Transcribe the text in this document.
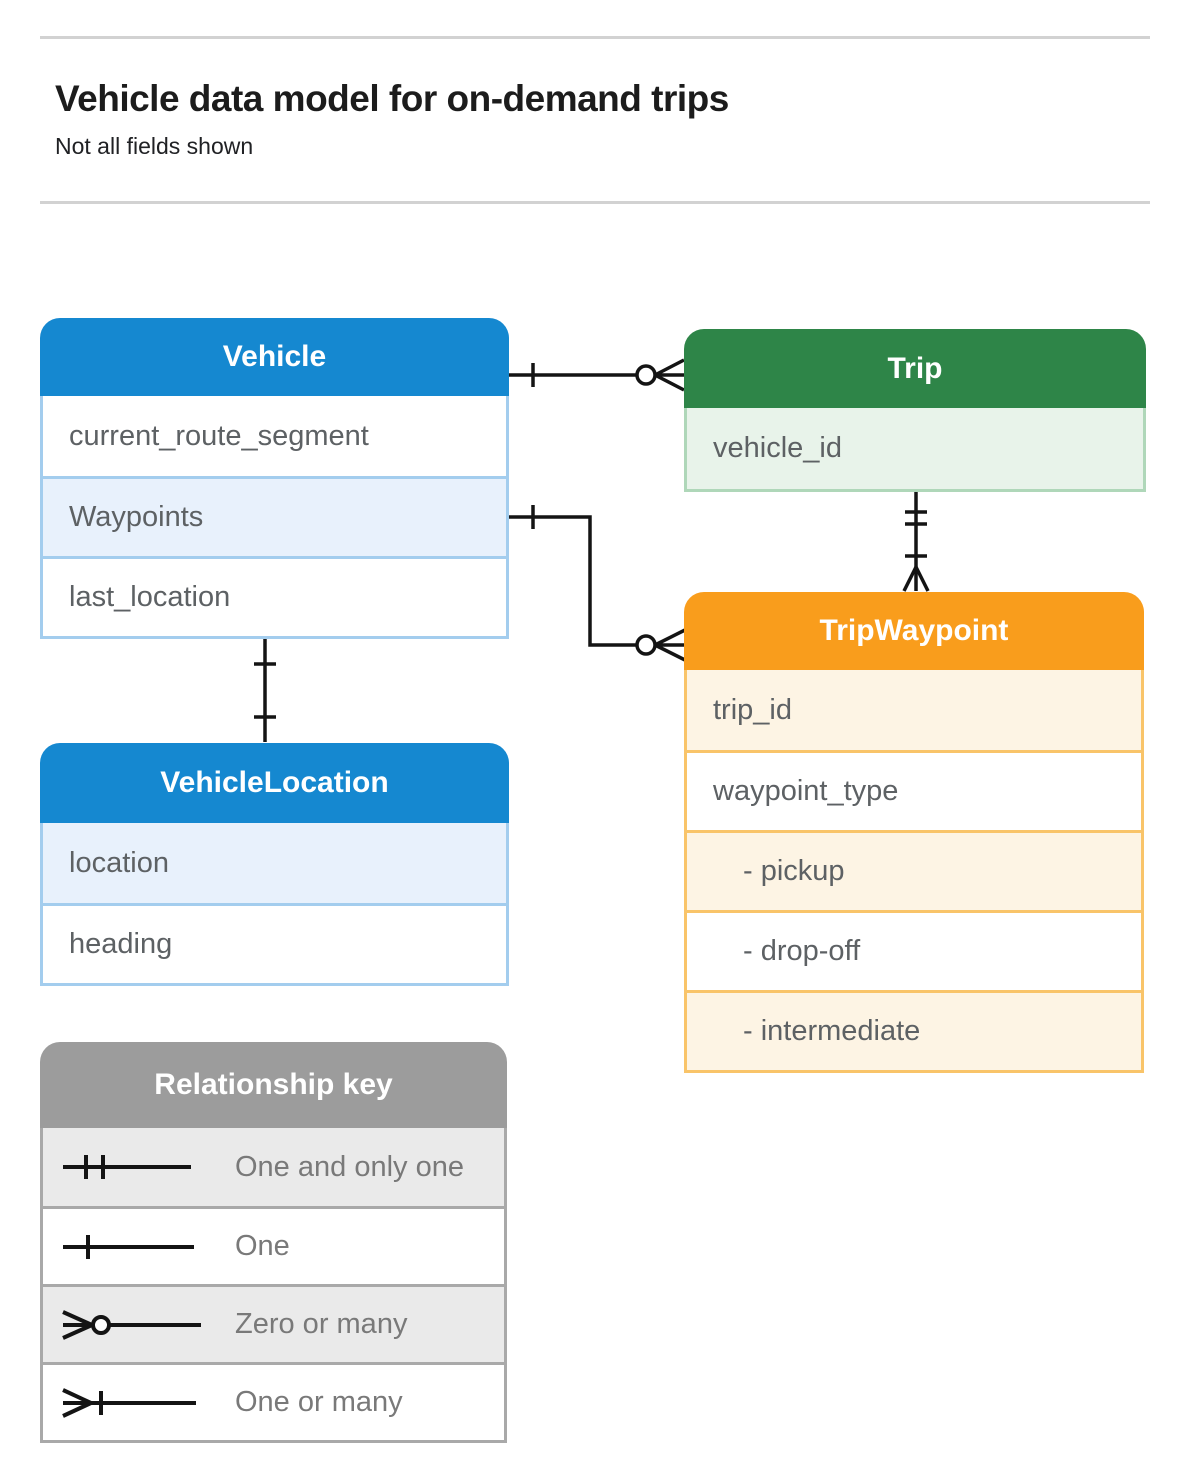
Vehicle data model for on-demand trips

Not all fields shown

Vehicle
current_route_segment
Waypoints
last_location
Trip
vehicle_id
TripWaypoint
trip_id
waypoint_type
- pickup
- drop-off
- intermediate
VehicleLocation
location
heading
Relationship key
One and only one
One
Zero or many
One or many
